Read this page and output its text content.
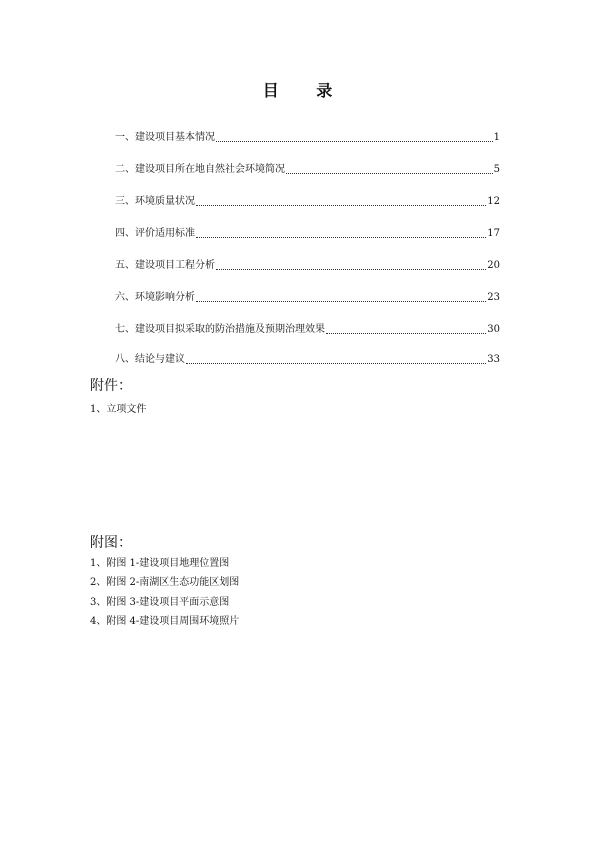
目 录
一、建设项目基本情况	1
二、建设项目所在地自然社会环境简况	5
三、环境质量状况	12
四、评价适用标准	17
五、建设项目工程分析	20
六、环境影响分析	23
七、建设项目拟采取的防治措施及预期治理效果	30
八、结论与建议	33
附件：
1、立项文件
附图：
1、附图 1-建设项目地理位置图
2、附图 2-南湖区生态功能区划图
3、附图 3-建设项目平面示意图
4、附图 4-建设项目周围环境照片
